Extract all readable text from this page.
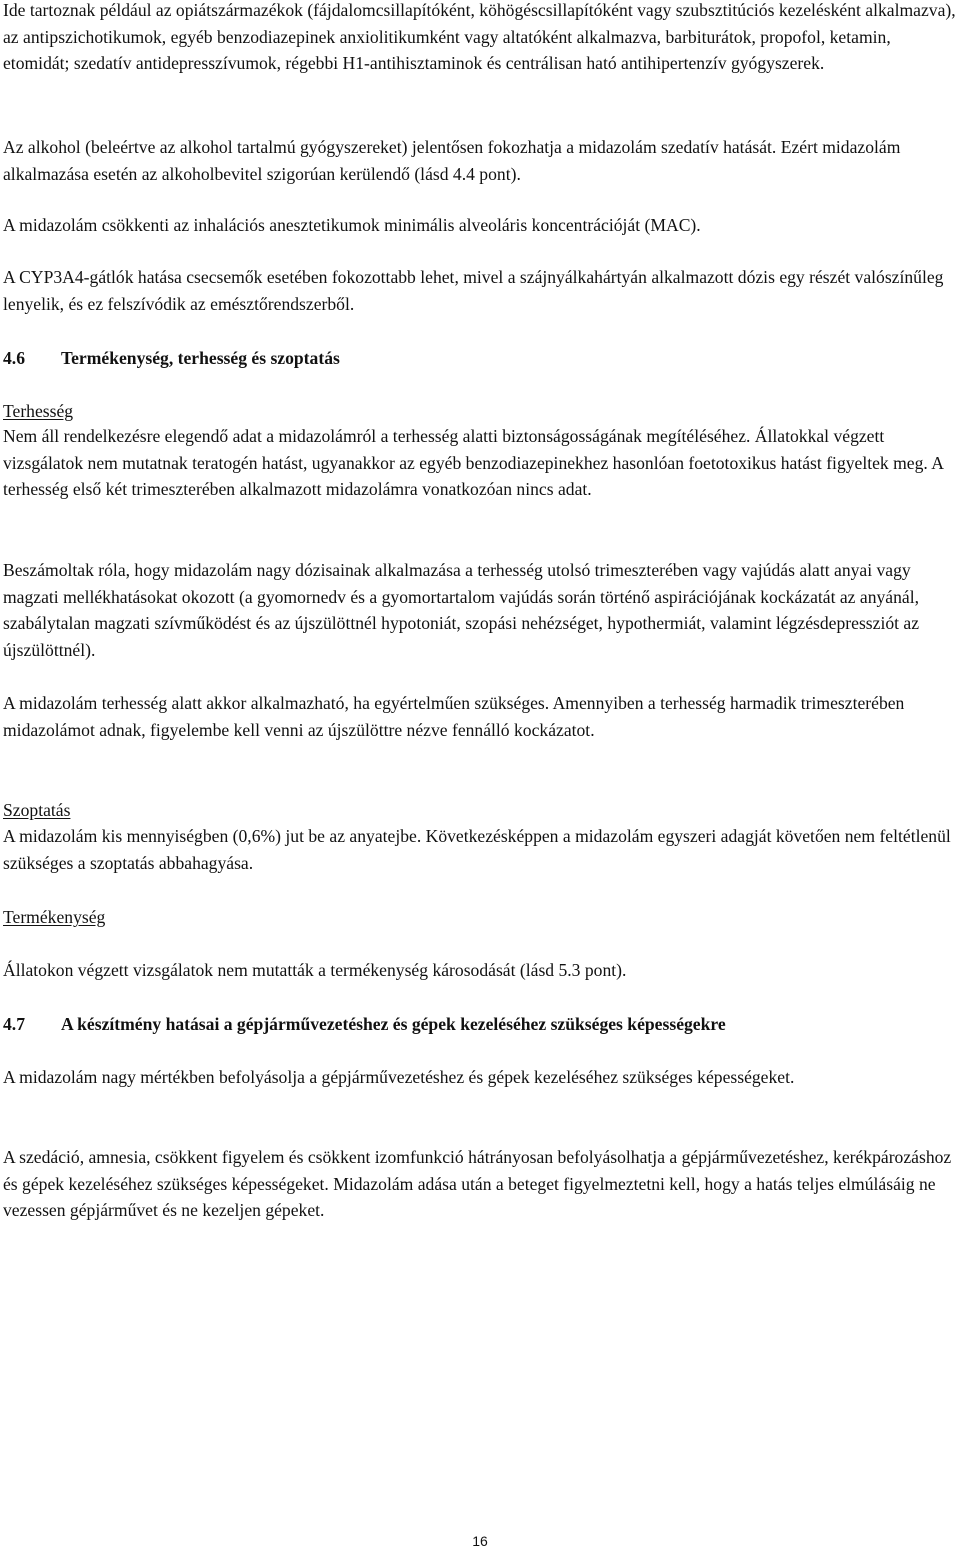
Ide tartoznak például az opiátszármazékok (fájdalomcsillapítóként, köhögéscsillapítóként vagy szubsztitúciós kezelésként alkalmazva), az antipszichotikumok, egyéb benzodiazepinek anxiolitikumként vagy altatóként alkalmazva, barbiturátok, propofol, ketamin, etomidát; szedatív antidepresszívumok, régebbi H1-antihisztaminok és centrálisan ható antihipertenzív gyógyszerek.

Az alkohol (beleértve az alkohol tartalmú gyógyszereket) jelentősen fokozhatja a midazolám szedatív hatását. Ezért midazolám alkalmazása esetén az alkoholbevitel szigorúan kerülendő (lásd 4.4 pont).

A midazolám csökkenti az inhalációs anesztetikumok minimális alveoláris koncentrációját (MAC).

A CYP3A4-gátlók hatása csecsemők esetében fokozottabb lehet, mivel a szájnyálkahártyán alkalmazott dózis egy részét valószínűleg lenyelik, és ez felszívódik az emésztőrendszerből.

4.6 Termékenység, terhesség és szoptatás

Terhesség

Nem áll rendelkezésre elegendő adat a midazolámról a terhesség alatti biztonságosságának megítéléséhez. Állatokkal végzett vizsgálatok nem mutatnak teratogén hatást, ugyanakkor az egyéb benzodiazepinekhez hasonlóan foetotoxikus hatást figyeltek meg. A terhesség első két trimeszterében alkalmazott midazolámra vonatkozóan nincs adat.

Beszámoltak róla, hogy midazolám nagy dózisainak alkalmazása a terhesség utolsó trimeszterében vagy vajúdás alatt anyai vagy magzati mellékhatásokat okozott (a gyomornedv és a gyomortartalom vajúdás során történő aspirációjának kockázatát az anyánál, szabálytalan magzati szívműködést és az újszülöttnél hypotoniát, szopási nehézséget, hypothermiát, valamint légzésdepressziót az újszülöttnél).

A midazolám terhesség alatt akkor alkalmazható, ha egyértelműen szükséges. Amennyiben a terhesség harmadik trimeszterében midazolámot adnak, figyelembe kell venni az újszülöttre nézve fennálló kockázatot.

Szoptatás

A midazolám kis mennyiségben (0,6%) jut be az anyatejbe. Következésképpen a midazolám egyszeri adagját követően nem feltétlenül szükséges a szoptatás abbahagyása.

Termékenység

Állatokon végzett vizsgálatok nem mutatták a termékenység károsodását (lásd 5.3 pont).

4.7 A készítmény hatásai a gépjárművezetéshez és gépek kezeléséhez szükséges képességekre

A midazolám nagy mértékben befolyásolja a gépjárművezetéshez és gépek kezeléséhez szükséges képességeket.

A szedáció, amnesia, csökkent figyelem és csökkent izomfunkció hátrányosan befolyásolhatja a gépjárművezetéshez, kerékpározáshoz és gépek kezeléséhez szükséges képességeket. Midazolám adása után a beteget figyelmeztetni kell, hogy a hatás teljes elmúlásáig ne vezessen gépjárművet és ne kezeljen gépeket.

16
